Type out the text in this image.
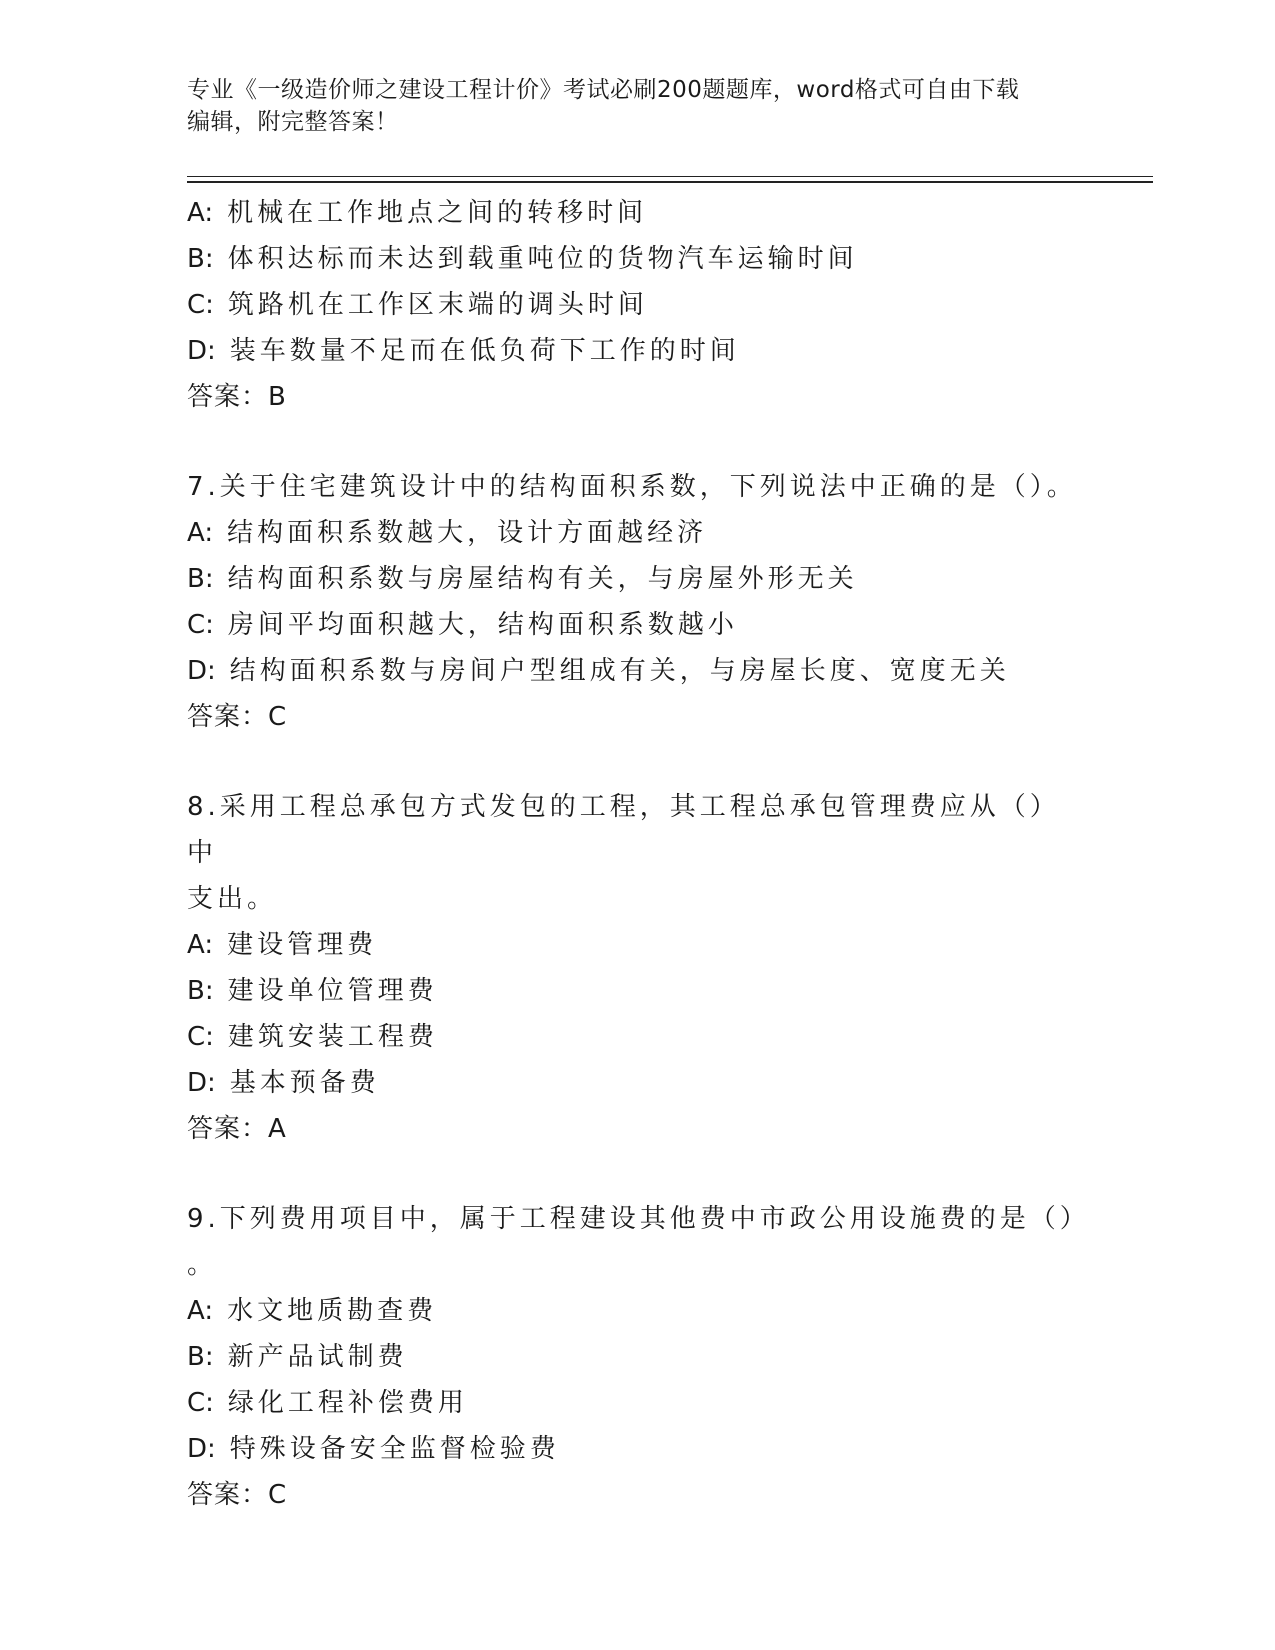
专业《一级造价师之建设工程计价》考试必刷200题题库，word格式可自由下载
编辑，附完整答案！
A: 机械在工作地点之间的转移时间
B: 体积达标而未达到载重吨位的货物汽车运输时间
C: 筑路机在工作区末端的调头时间
D: 装车数量不足而在低负荷下工作的时间
答案：B
7.关于住宅建筑设计中的结构面积系数，下列说法中正确的是（）。
A: 结构面积系数越大，设计方面越经济
B: 结构面积系数与房屋结构有关，与房屋外形无关
C: 房间平均面积越大，结构面积系数越小
D: 结构面积系数与房间户型组成有关，与房屋长度、宽度无关
答案：C
8.采用工程总承包方式发包的工程，其工程总承包管理费应从（）中
支出。
A: 建设管理费
B: 建设单位管理费
C: 建筑安装工程费
D: 基本预备费
答案：A
9.下列费用项目中，属于工程建设其他费中市政公用设施费的是（）
。
A: 水文地质勘查费
B: 新产品试制费
C: 绿化工程补偿费用
D: 特殊设备安全监督检验费
答案：C
